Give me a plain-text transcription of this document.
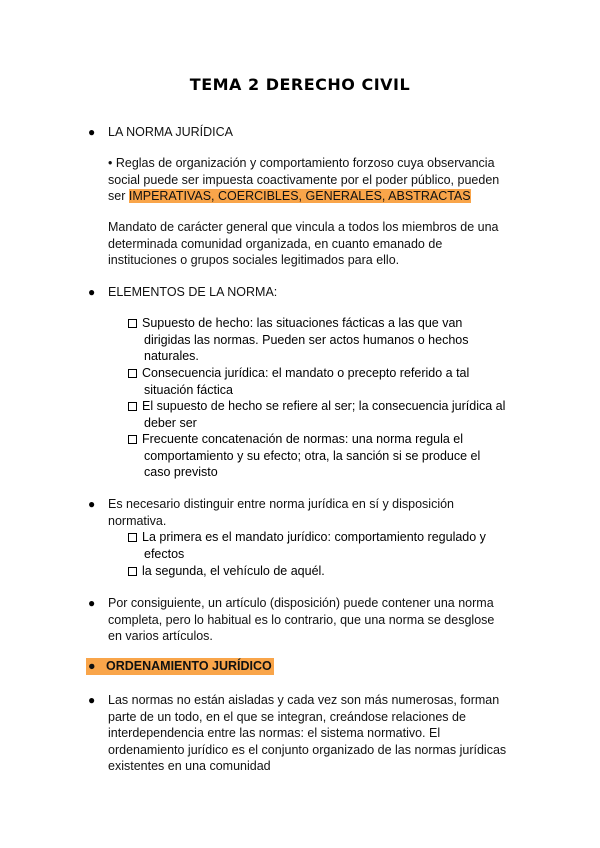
TEMA 2 DERECHO CIVIL
● LA NORMA JURÍDICA
• Reglas de organización y comportamiento forzoso cuya observancia
social puede ser impuesta coactivamente por el poder público, pueden
ser IMPERATIVAS, COERCIBLES, GENERALES, ABSTRACTAS
Mandato de carácter general que vincula a todos los miembros de una
determinada comunidad organizada, en cuanto emanado de
instituciones o grupos sociales legitimados para ello.
● ELEMENTOS DE LA NORMA:
Supuesto de hecho: las situaciones fácticas a las que van
dirigidas las normas. Pueden ser actos humanos o hechos
naturales.
Consecuencia jurídica: el mandato o precepto referido a tal
situación fáctica
El supuesto de hecho se refiere al ser; la consecuencia jurídica al
deber ser
Frecuente concatenación de normas: una norma regula el
comportamiento y su efecto; otra, la sanción si se produce el
caso previsto
● Es necesario distinguir entre norma jurídica en sí y disposición
normativa.
La primera es el mandato jurídico: comportamiento regulado y
efectos
la segunda, el vehículo de aquél.
● Por consiguiente, un artículo (disposición) puede contener una norma
completa, pero lo habitual es lo contrario, que una norma se desglose
en varios artículos.
● ORDENAMIENTO JURÍDICO
● Las normas no están aisladas y cada vez son más numerosas, forman
parte de un todo, en el que se integran, creándose relaciones de
interdependencia entre las normas: el sistema normativo. El
ordenamiento jurídico es el conjunto organizado de las normas jurídicas
existentes en una comunidad
